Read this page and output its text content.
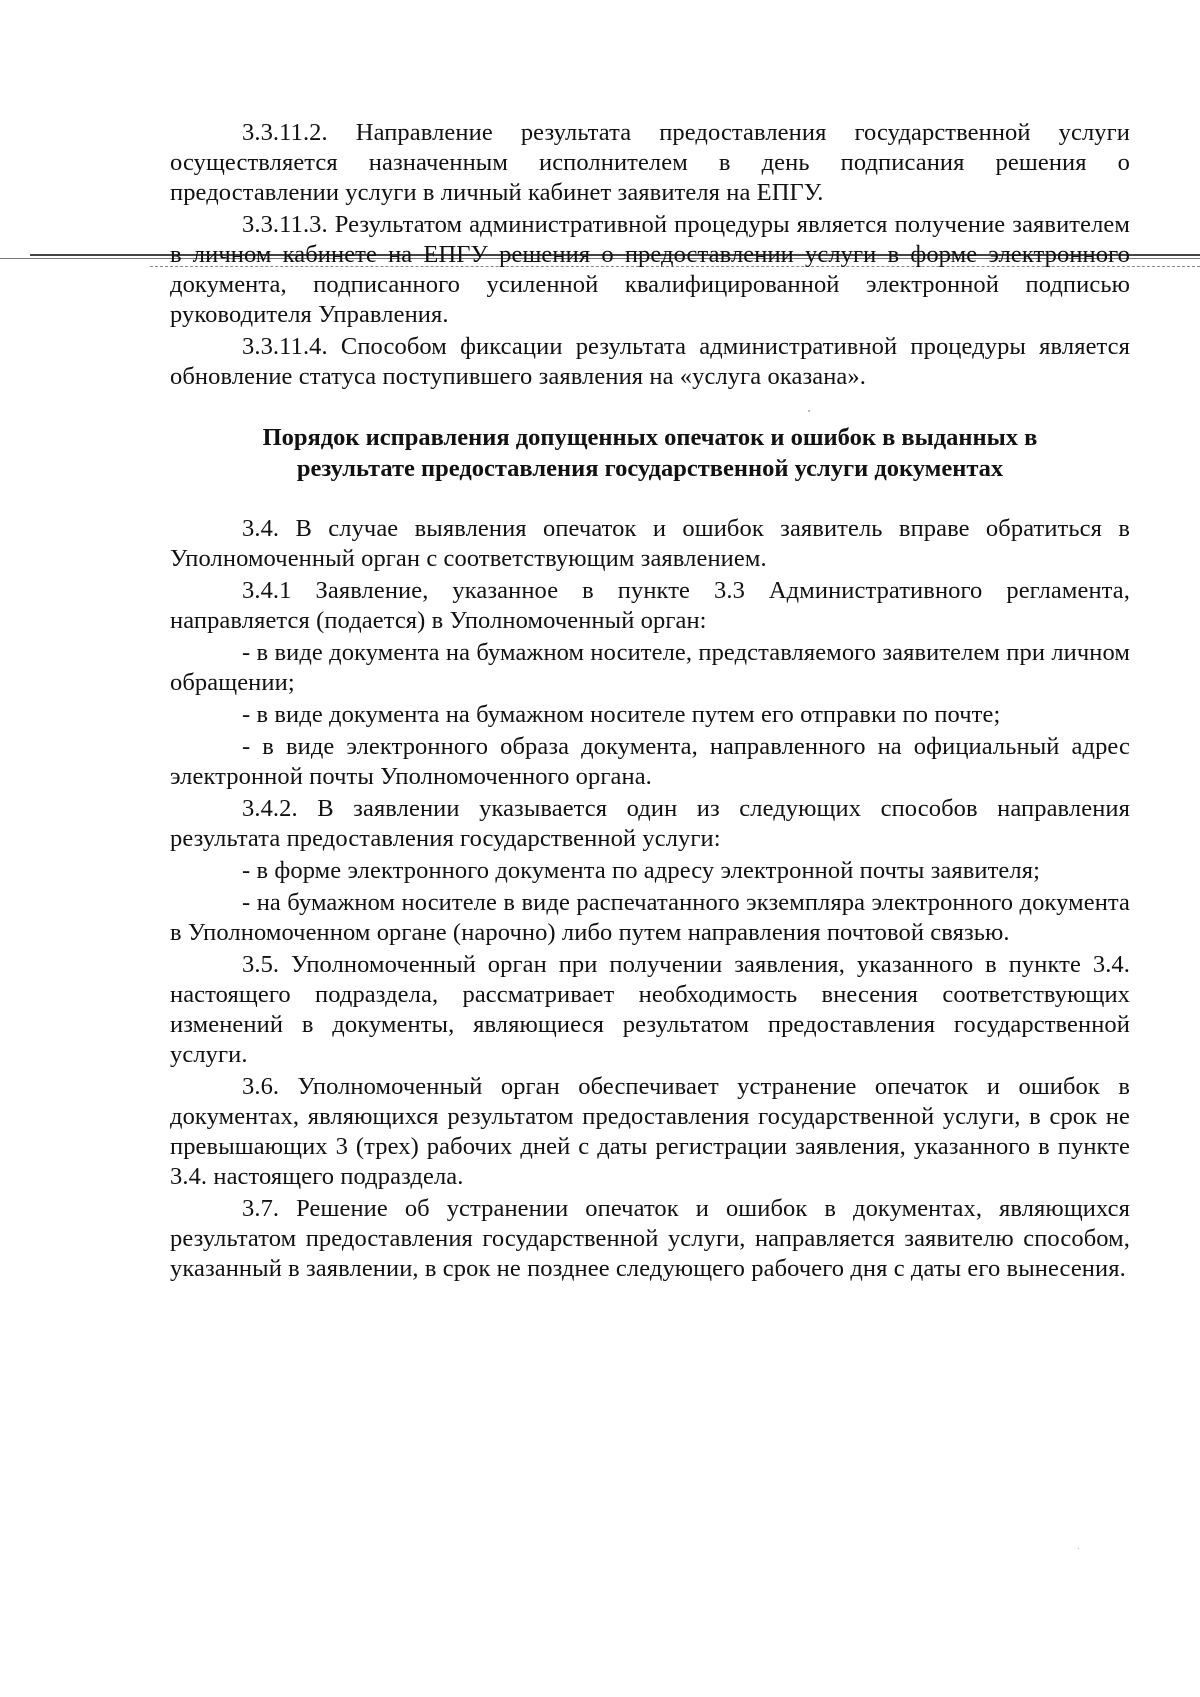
3.3.11.2. Направление результата предоставления государственной услуги осуществляется назначенным исполнителем в день подписания решения о предоставлении услуги в личный кабинет заявителя на ЕПГУ.

3.3.11.3. Результатом административной процедуры является получение заявителем в личном кабинете на ЕПГУ решения о предоставлении услуги в форме электронного документа, подписанного усиленной квалифицированной электронной подписью руководителя Управления.

3.3.11.4. Способом фиксации результата административной процедуры является обновление статуса поступившего заявления на «услуга оказана».

Порядок исправления допущенных опечаток и ошибок в выданных в
результате предоставления государственной услуги документах

3.4. В случае выявления опечаток и ошибок заявитель вправе обратиться в Уполномоченный орган с соответствующим заявлением.

3.4.1 Заявление, указанное в пункте 3.3 Административного регламента, направляется (подается) в Уполномоченный орган:

- в виде документа на бумажном носителе, представляемого заявителем при личном обращении;

- в виде документа на бумажном носителе путем его отправки по почте;

- в виде электронного образа документа, направленного на официальный адрес электронной почты Уполномоченного органа.

3.4.2. В заявлении указывается один из следующих способов направления результата предоставления государственной услуги:

- в форме электронного документа по адресу электронной почты заявителя;

- на бумажном носителе в виде распечатанного экземпляра электронного документа в Уполномоченном органе (нарочно) либо путем направления почтовой связью.

3.5. Уполномоченный орган при получении заявления, указанного в пункте 3.4. настоящего подраздела, рассматривает необходимость внесения соответствующих изменений в документы, являющиеся результатом предоставления государственной услуги.

3.6. Уполномоченный орган обеспечивает устранение опечаток и ошибок в документах, являющихся результатом предоставления государственной услуги, в срок не превышающих 3 (трех) рабочих дней с даты регистрации заявления, указанного в пункте 3.4. настоящего подраздела.

3.7. Решение об устранении опечаток и ошибок в документах, являющихся результатом предоставления государственной услуги, направляется заявителю способом, указанный в заявлении, в срок не позднее следующего рабочего дня с даты его вынесения.
